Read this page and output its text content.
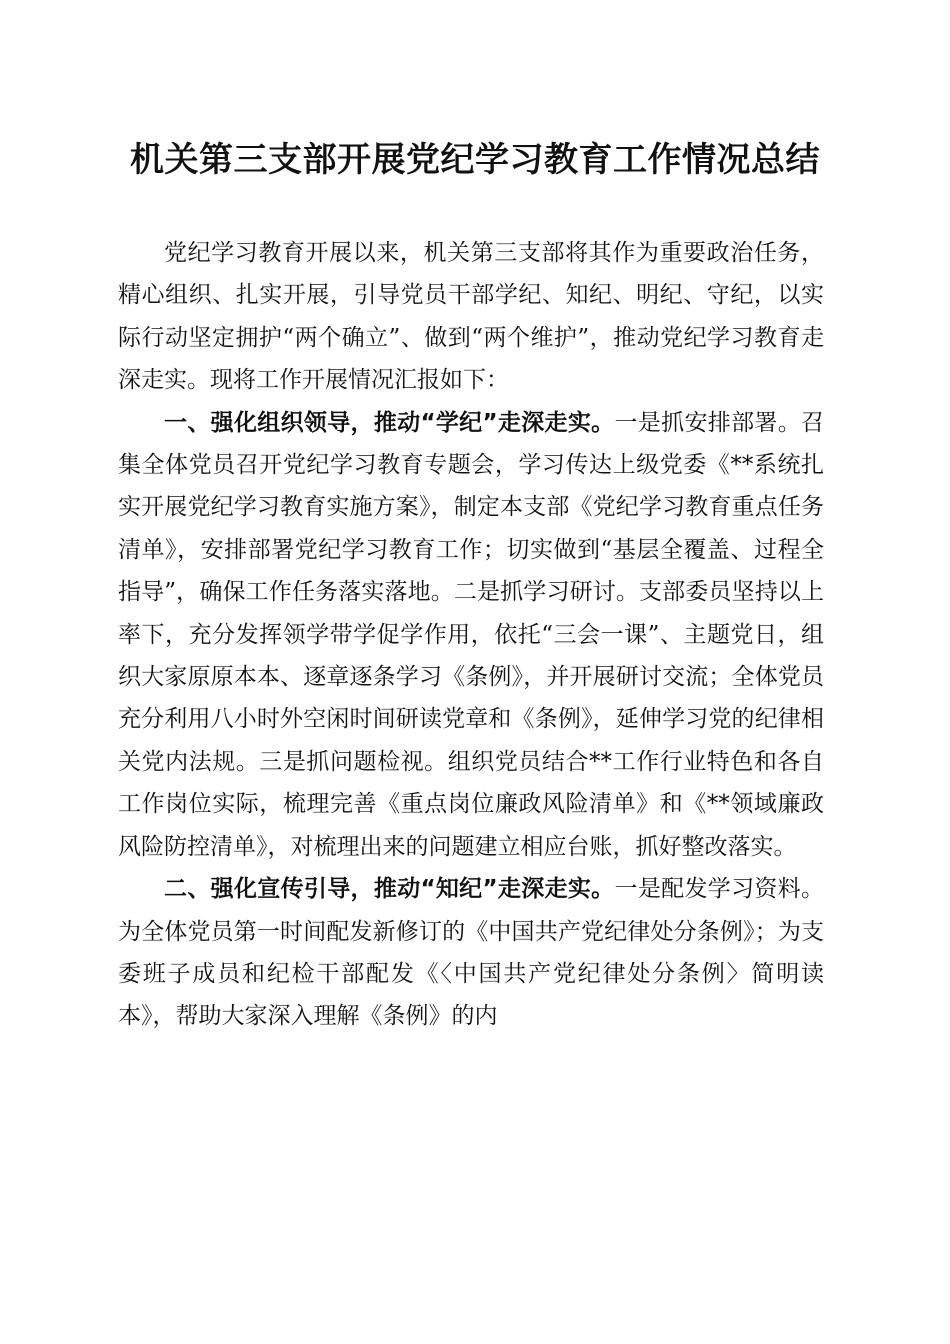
机关第三支部开展党纪学习教育工作情况总结

党纪学习教育开展以来，机关第三支部将其作为重要政治任务，精心组织、扎实开展，引导党员干部学纪、知纪、明纪、守纪，以实际行动坚定拥护“两个确立”、做到“两个维护”，推动党纪学习教育走深走实。现将工作开展情况汇报如下：

一、强化组织领导，推动“学纪”走深走实。一是抓安排部署。召集全体党员召开党纪学习教育专题会，学习传达上级党委《**系统扎实开展党纪学习教育实施方案》，制定本支部《党纪学习教育重点任务清单》，安排部署党纪学习教育工作；切实做到“基层全覆盖、过程全指导”，确保工作任务落实落地。二是抓学习研讨。支部委员坚持以上率下，充分发挥领学带学促学作用，依托“三会一课”、主题党日，组织大家原原本本、逐章逐条学习《条例》，并开展研讨交流；全体党员充分利用八小时外空闲时间研读党章和《条例》，延伸学习党的纪律相关党内法规。三是抓问题检视。组织党员结合**工作行业特色和各自工作岗位实际，梳理完善《重点岗位廉政风险清单》和《**领域廉政风险防控清单》，对梳理出来的问题建立相应台账，抓好整改落实。

二、强化宣传引导，推动“知纪”走深走实。一是配发学习资料。为全体党员第一时间配发新修订的《中国共产党纪律处分条例》；为支委班子成员和纪检干部配发《〈中国共产党纪律处分条例〉简明读本》，帮助大家深入理解《条例》的内
